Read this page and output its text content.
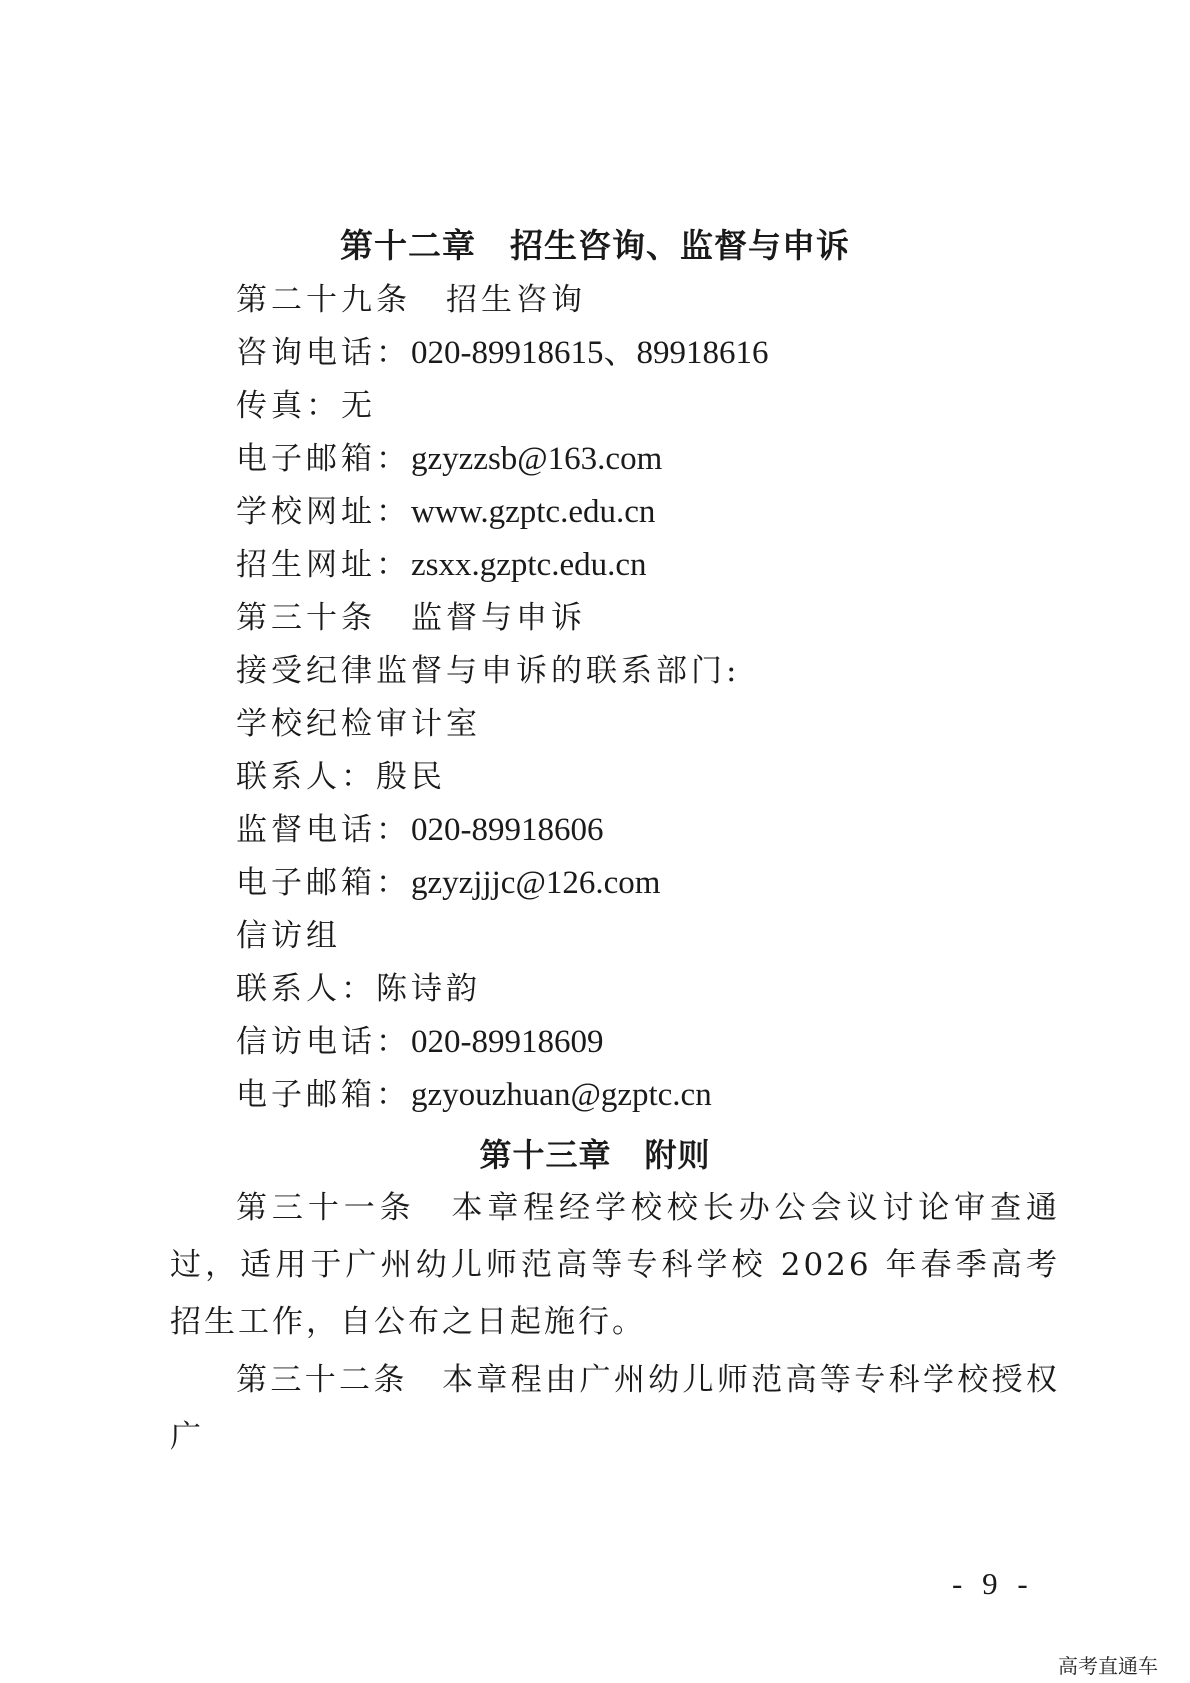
第十二章　招生咨询、监督与申诉
第二十九条　招生咨询
咨询电话：020-89918615、89918616
传真：无
电子邮箱：gzyzzsb@163.com
学校网址：www.gzptc.edu.cn
招生网址：zsxx.gzptc.edu.cn
第三十条　监督与申诉
接受纪律监督与申诉的联系部门:
学校纪检审计室
联系人：殷民
监督电话：020-89918606
电子邮箱：gzyzjjjc@126.com
信访组
联系人：陈诗韵
信访电话：020-89918609
电子邮箱：gzyouzhuan@gzptc.cn
第十三章　附则
第三十一条　本章程经学校校长办公会议讨论审查通过，适用于广州幼儿师范高等专科学校 2026 年春季高考招生工作，自公布之日起施行。
第三十二条　本章程由广州幼儿师范高等专科学校授权广
- 9 -
高考直通车
